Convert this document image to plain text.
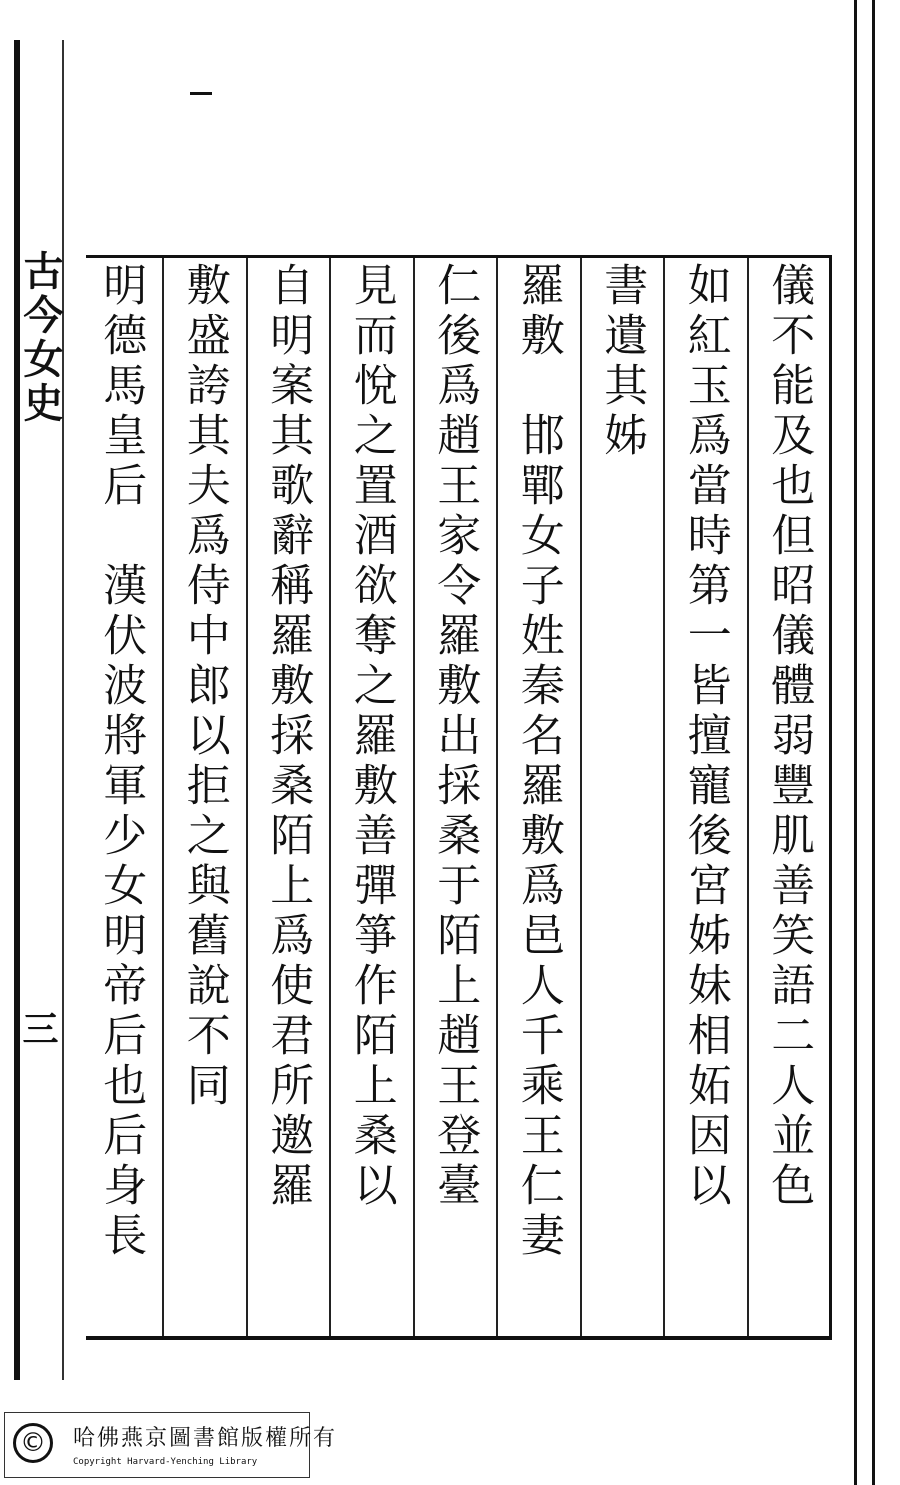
古今女史
三	儀不能及也但昭儀體弱豐肌善笑語二人並色
如紅玉爲當時第一皆擅寵後宮姊妹相妬因以
書遺其姊
羅敷　邯鄲女子姓秦名羅敷爲邑人千乘王仁妻
仁後爲趙王家令羅敷出採桑于陌上趙王登臺
見而悅之置酒欲奪之羅敷善彈箏作陌上桑以
自明案其歌辭稱羅敷採桑陌上爲使君所邀羅
敷盛誇其夫爲侍中郎以拒之與舊說不同
明德馬皇后　漢伏波將軍少女明帝后也后身長
©	哈佛燕京圖書館版權所有
Copyright Harvard-Yenching Library
